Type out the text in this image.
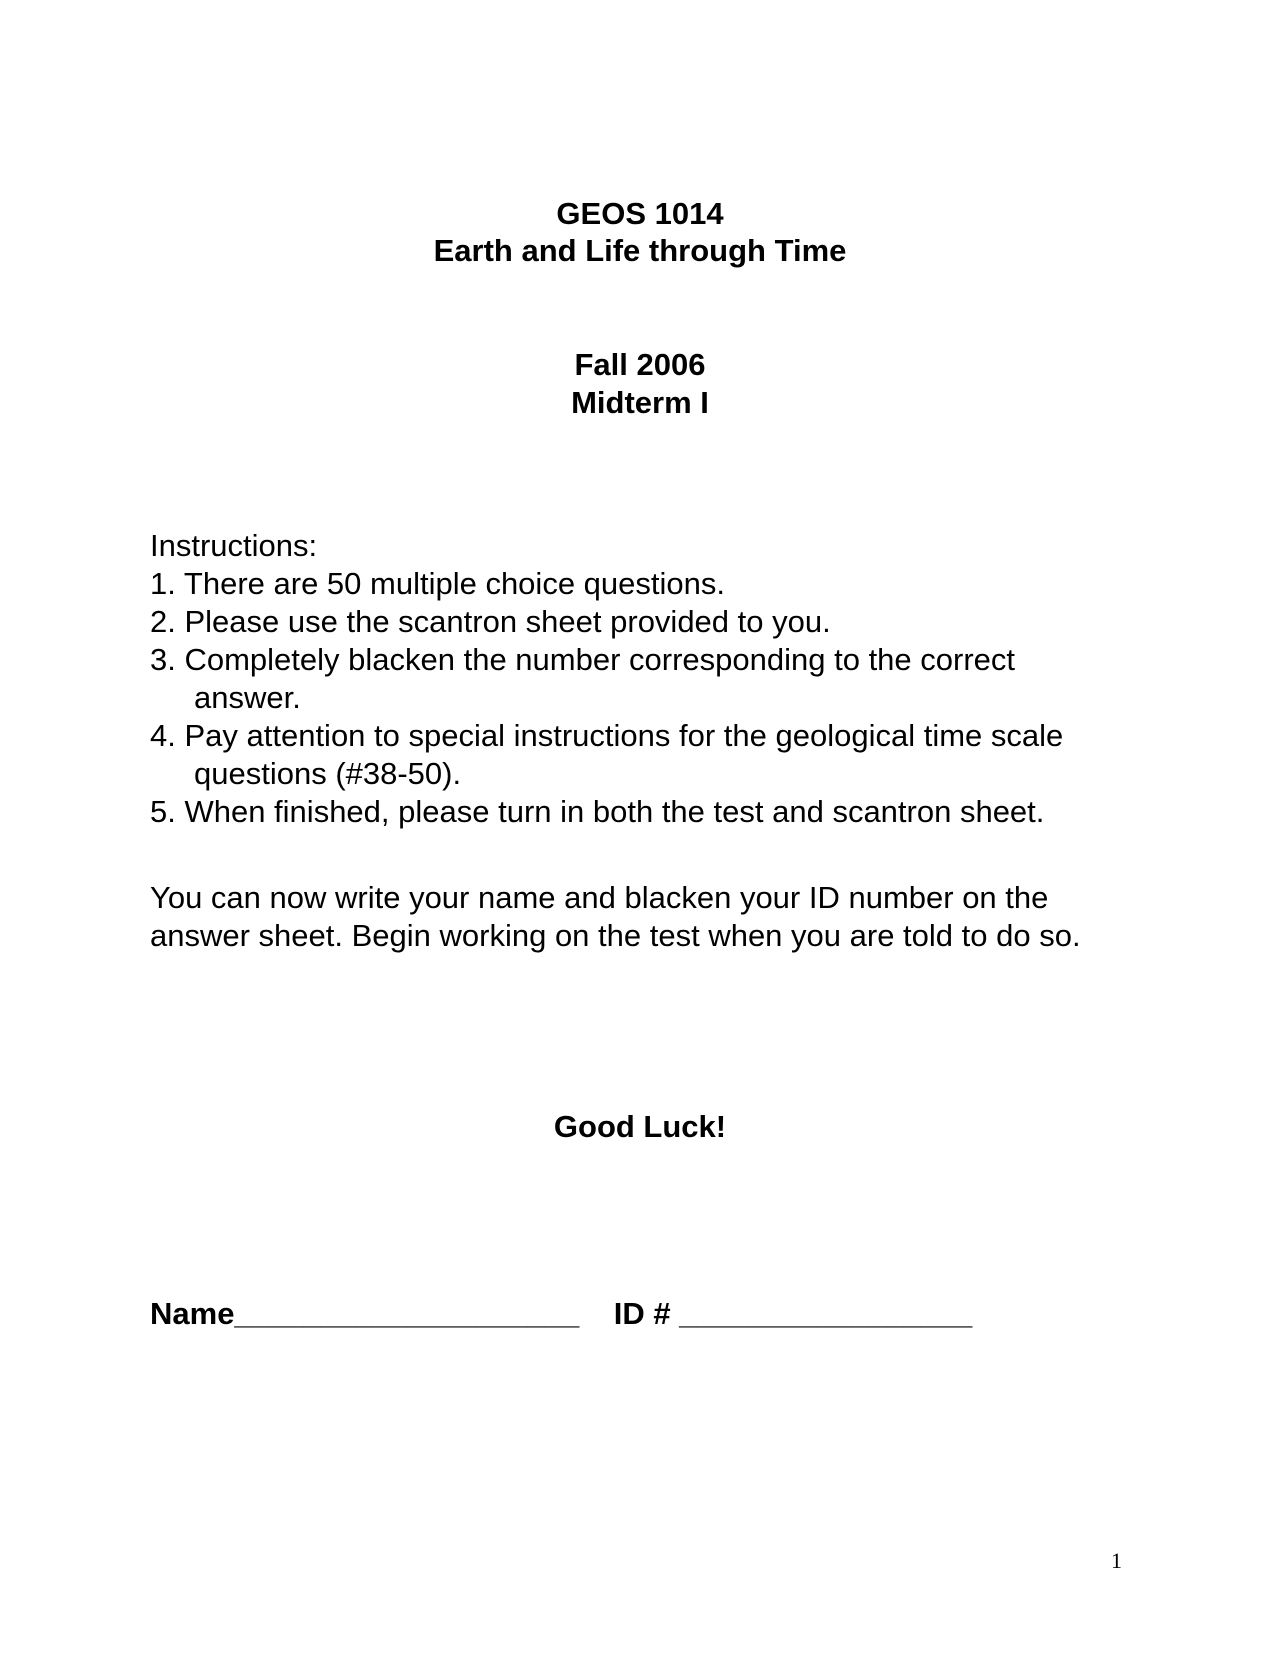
GEOS 1014

Earth and Life through Time

Fall 2006

Midterm I

Instructions:

1. There are 50 multiple choice questions.

2. Please use the scantron sheet provided to you.

3. Completely blacken the number corresponding to the correct answer.

4. Pay attention to special instructions for the geological time scale questions (#38-50).

5. When finished, please turn in both the test and scantron sheet.

You can now write your name and blacken your ID number on the answer sheet. Begin working on the test when you are told to do so.

Good Luck!

Name____________________ ID # _________________

1
